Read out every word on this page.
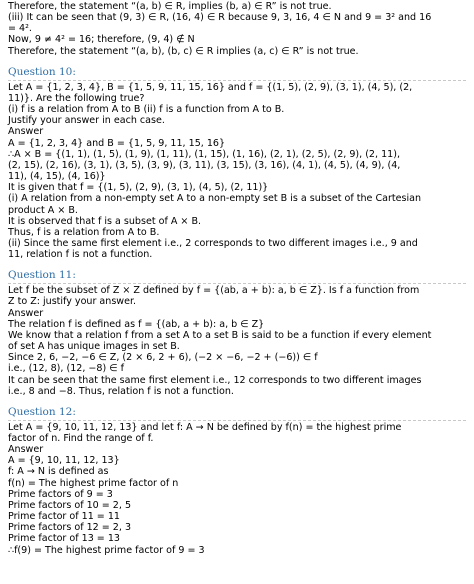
Therefore, the statement “(a, b) ∈ R, implies (b, a) ∈ R” is not true.
(iii) It can be seen that (9, 3) ∈ R, (16, 4) ∈ R because 9, 3, 16, 4 ∈ N and 9 = 3² and 16
= 4².
Now, 9 ≠ 4² = 16; therefore, (9, 4) ∉ N
Therefore, the statement “(a, b), (b, c) ∈ R implies (a, c) ∈ R” is not true.
Question 10:
Let A = {1, 2, 3, 4}, B = {1, 5, 9, 11, 15, 16} and f = {(1, 5), (2, 9), (3, 1), (4, 5), (2,
11)}. Are the following true?
(i) f is a relation from A to B (ii) f is a function from A to B.
Justify your answer in each case.
Answer
A = {1, 2, 3, 4} and B = {1, 5, 9, 11, 15, 16}
∴A × B = {(1, 1), (1, 5), (1, 9), (1, 11), (1, 15), (1, 16), (2, 1), (2, 5), (2, 9), (2, 11),
(2, 15), (2, 16), (3, 1), (3, 5), (3, 9), (3, 11), (3, 15), (3, 16), (4, 1), (4, 5), (4, 9), (4,
11), (4, 15), (4, 16)}
It is given that f = {(1, 5), (2, 9), (3, 1), (4, 5), (2, 11)}
(i) A relation from a non-empty set A to a non-empty set B is a subset of the Cartesian
product A × B.
It is observed that f is a subset of A × B.
Thus, f is a relation from A to B.
(ii) Since the same first element i.e., 2 corresponds to two different images i.e., 9 and
11, relation f is not a function.
Question 11:
Let f be the subset of Z × Z defined by f = {(ab, a + b): a, b ∈ Z}. Is f a function from
Z to Z: justify your answer.
Answer
The relation f is defined as f = {(ab, a + b): a, b ∈ Z}
We know that a relation f from a set A to a set B is said to be a function if every element
of set A has unique images in set B.
Since 2, 6, −2, −6 ∈ Z, (2 × 6, 2 + 6), (−2 × −6, −2 + (−6)) ∈ f
i.e., (12, 8), (12, −8) ∈ f
It can be seen that the same first element i.e., 12 corresponds to two different images
i.e., 8 and −8. Thus, relation f is not a function.
Question 12:
Let A = {9, 10, 11, 12, 13} and let f: A → N be defined by f(n) = the highest prime
factor of n. Find the range of f.
Answer
A = {9, 10, 11, 12, 13}
f: A → N is defined as
f(n) = The highest prime factor of n
Prime factors of 9 = 3
Prime factors of 10 = 2, 5
Prime factor of 11 = 11
Prime factors of 12 = 2, 3
Prime factor of 13 = 13
∴f(9) = The highest prime factor of 9 = 3
